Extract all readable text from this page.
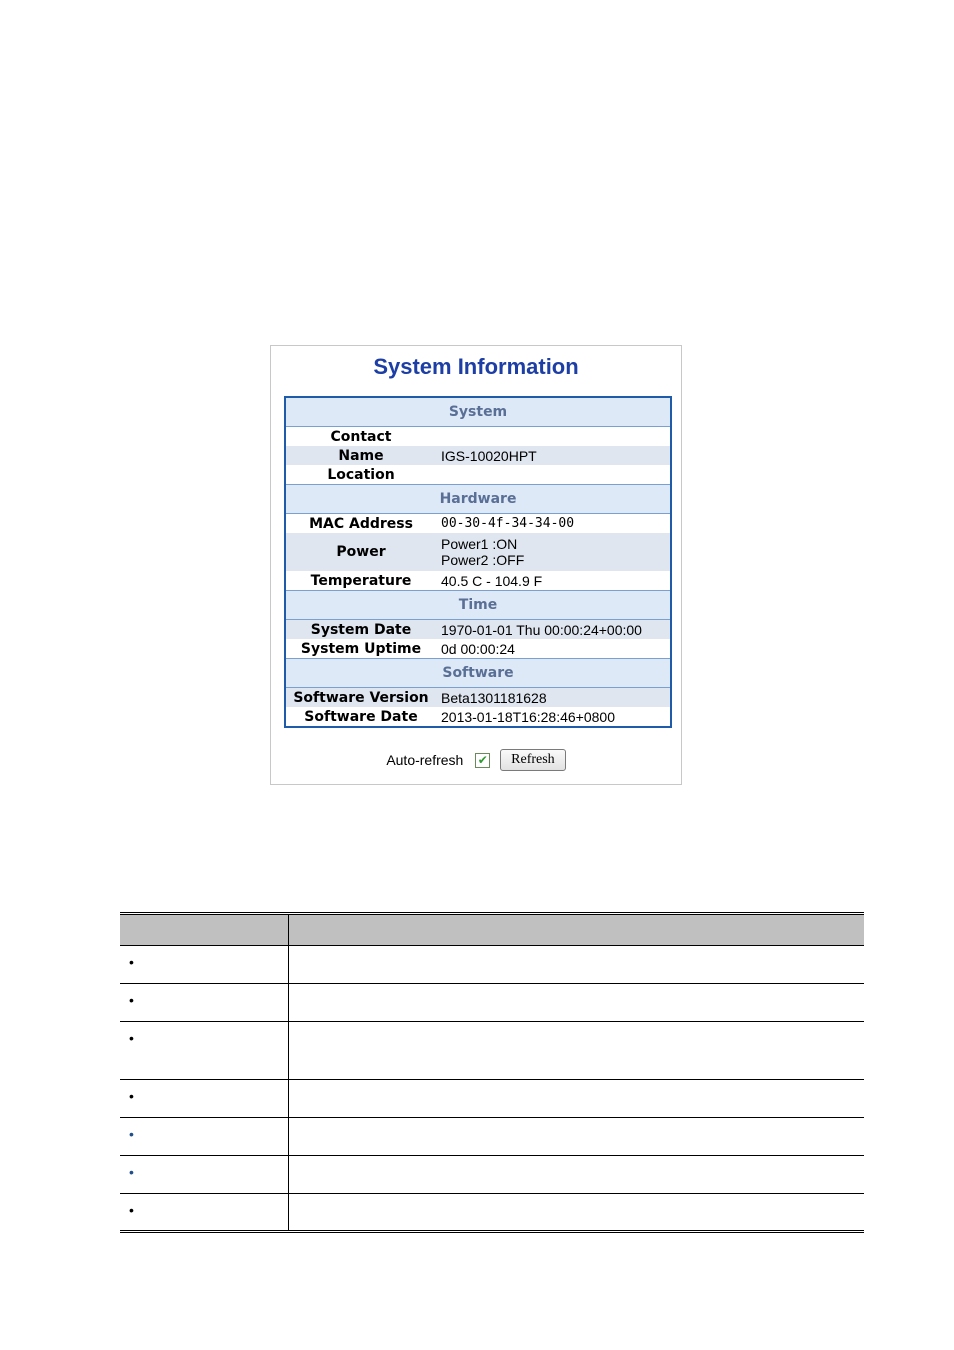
System Information
System
Contact
Name	IGS-10020HPT
Location
Hardware
MAC Address	00-30-4f-34-34-00
Power	Power1 :ON
Power2 :OFF
Temperature	40.5 C - 104.9 F
Time
System Date	1970-01-01 Thu 00:00:24+00:00
System Uptime	0d 00:00:24
Software
Software Version Beta1301181628
Software Date	2013-01-18T16:28:46+0800
Auto-refresh ✔ Refresh

•	
•	
•	
•	
•	
•	
•	
